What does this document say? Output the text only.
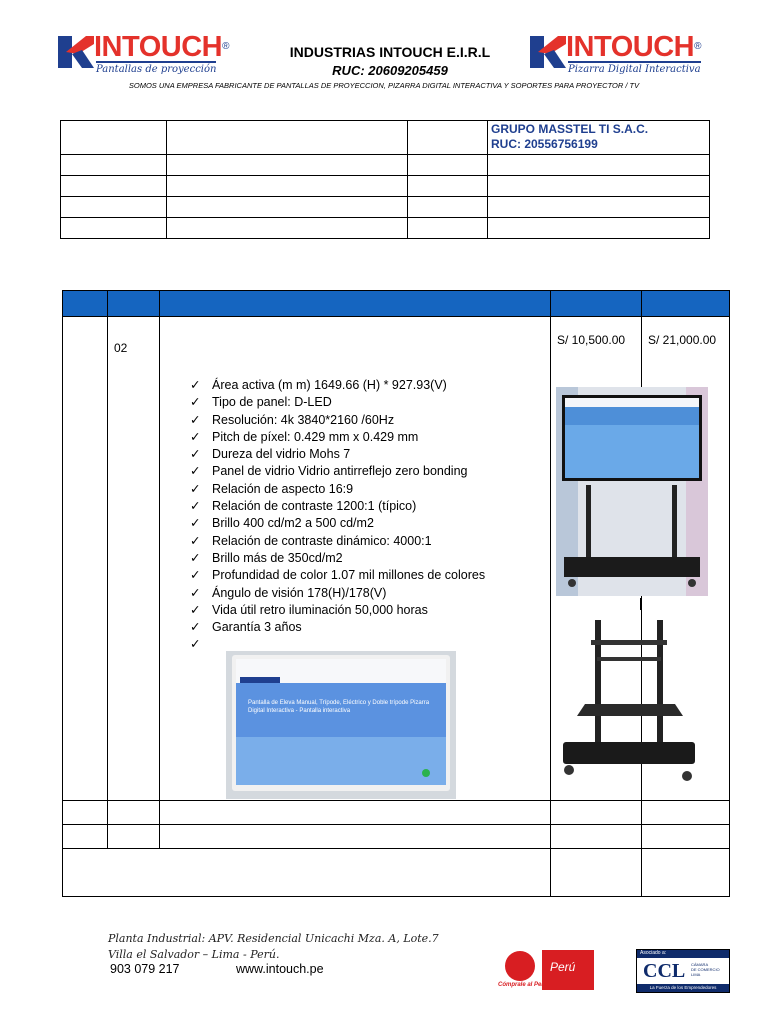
INTOUCH®
Pantallas de proyección
INDUSTRIAS INTOUCH E.I.R.L
RUC: 20609205459
INTOUCH®
Pizarra Digital Interactiva
SOMOS UNA EMPRESA FABRICANTE DE PANTALLAS DE PROYECCION, PIZARRA DIGITAL INTERACTIVA Y SOPORTES PARA PROYECTOR / TV

			GRUPO MASSTEL TI S.A.C.
RUC: 20556756199

	02		S/ 10,500.00	S/ 21,000.00

✓ Área activa (m m) 1649.66 (H) * 927.93(V)
✓ Tipo de panel: D-LED
✓ Resolución: 4k 3840*2160 /60Hz
✓ Pitch de píxel: 0.429 mm x 0.429 mm
✓ Dureza del vidrio Mohs 7
✓ Panel de vidrio Vidrio antirreflejo zero bonding
✓ Relación de aspecto 16:9
✓ Relación de contraste 1200:1 (típico)
✓ Brillo 400 cd/m2 a 500 cd/m2
✓ Relación de contraste dinámico: 4000:1
✓ Brillo más de 350cd/m2
✓ Profundidad de color 1.07 mil millones de colores
✓ Ángulo de visión 178(H)/178(V)
✓ Vida útil retro iluminación 50,000 horas
✓ Garantía 3 años
✓
Pantalla de Eleva Manual, Trípode, Eléctrico y Doble trípode Pizarra Digital Interactiva - Pantalla interactiva
Planta Industrial: APV. Residencial Unicachi Mza. A, Lote.7
Villa el Salvador – Lima - Perú.
903 079 217	www.intouch.pe	Perú
Cómprale al Perú
Asociado a:
CCL CÁMARA
DE COMERCIO
LIMA
La Fuerza de los Emprendedores
